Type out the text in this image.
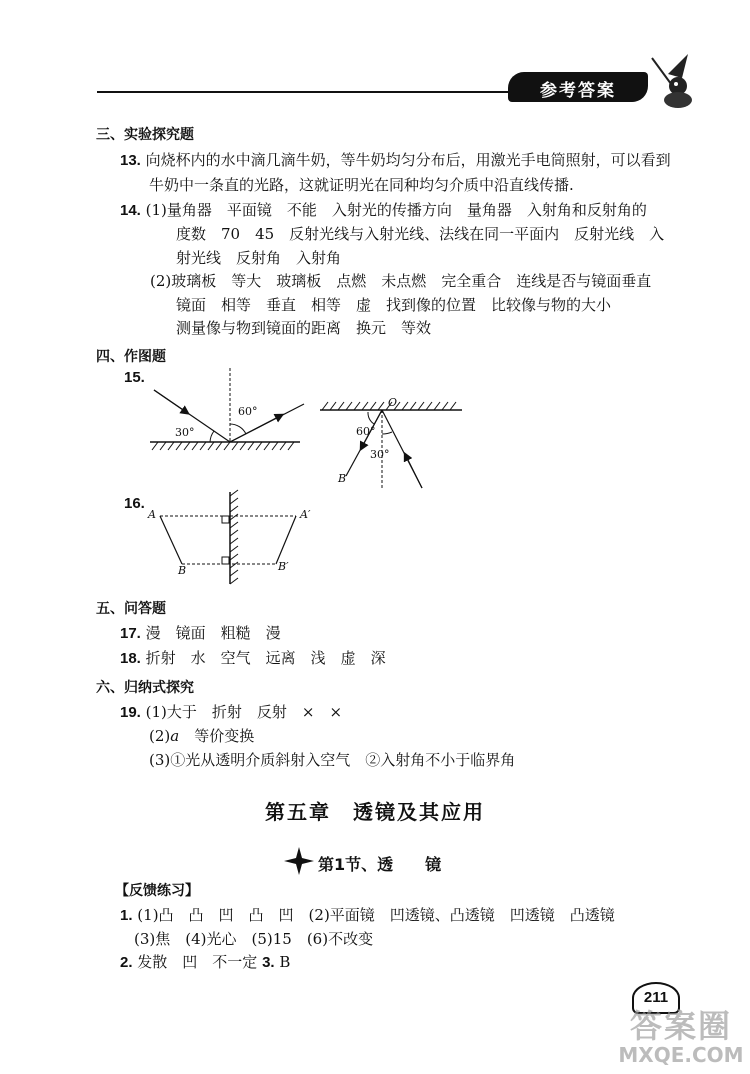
参考答案
三、实验探究题
13. 向烧杯内的水中滴几滴牛奶，等牛奶均匀分布后，用激光手电筒照射，可以看到
牛奶中一条直的光路，这就证明光在同种均匀介质中沿直线传播.
14. (1)量角器　平面镜　不能　入射光的传播方向　量角器　入射角和反射角的
度数　70　45　反射光线与入射光线、法线在同一平面内　反射光线　入
射光线　反射角　入射角
(2)玻璃板　等大　玻璃板　点燃　未点燃　完全重合　连线是否与镜面垂直
镜面　相等　垂直　相等　虚　找到像的位置　比较像与物的大小
测量像与物到镜面的距离　换元　等效
四、作图题
15.
60°
30°
O
60°
30°
B
16.
A	A′
B	B′
五、问答题
17. 漫　镜面　粗糙　漫
18. 折射　水　空气　远离　浅　虚　深
六、归纳式探究
19. (1)大于　折射　反射　×　×
(2)a　等价变换
(3)①光从透明介质斜射入空气　②入射角不小于临界角
第五章　透镜及其应用
第1节、透　　镜
【反馈练习】
1. (1)凸　凸　凹　凸　凹　(2)平面镜　凹透镜、凸透镜　凹透镜　凸透镜
(3)焦　(4)光心　(5)15　(6)不改变
2. 发散　凹　不一定 3. B
211
答案圈
MXQE.COM
